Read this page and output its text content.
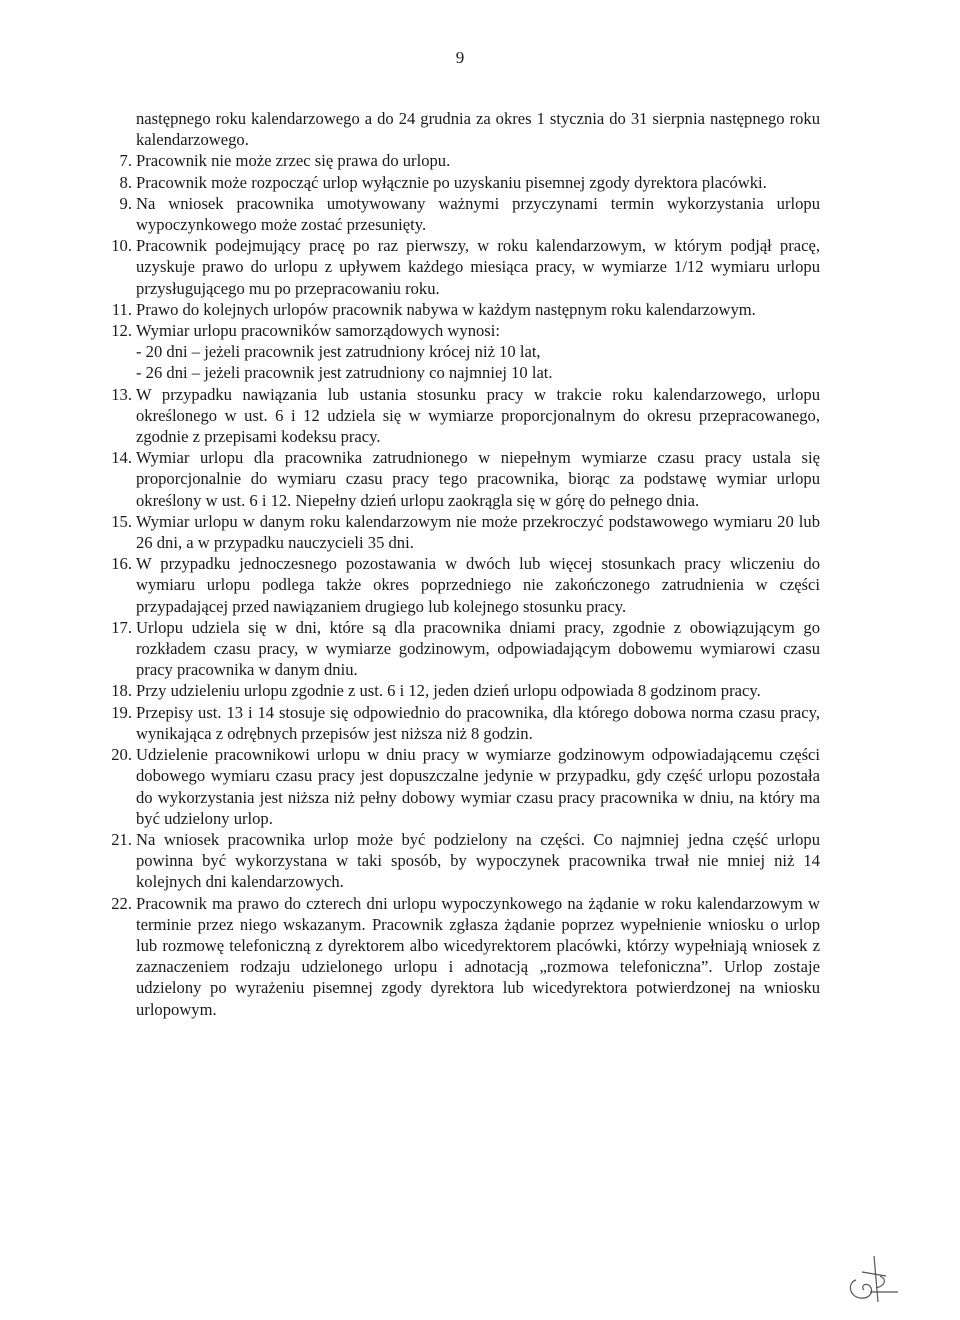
9
następnego roku kalendarzowego a do 24 grudnia za okres 1 stycznia do 31 sierpnia następnego roku kalendarzowego.
7. Pracownik nie może zrzec się prawa do urlopu.
8. Pracownik może rozpocząć urlop wyłącznie po uzyskaniu pisemnej zgody dyrektora placówki.
9. Na wniosek pracownika umotywowany ważnymi przyczynami termin wykorzystania urlopu wypoczynkowego może zostać przesunięty.
10. Pracownik podejmujący pracę po raz pierwszy, w roku kalendarzowym, w którym podjął pracę, uzyskuje prawo do urlopu z upływem każdego miesiąca pracy, w wymiarze 1/12 wymiaru urlopu przysługującego mu po przepracowaniu roku.
11. Prawo do kolejnych urlopów pracownik nabywa w każdym następnym roku kalendarzowym.
12. Wymiar urlopu pracowników samorządowych wynosi:
- 20 dni – jeżeli pracownik jest zatrudniony krócej niż 10 lat,
- 26 dni – jeżeli pracownik jest zatrudniony co najmniej 10 lat.
13. W przypadku nawiązania lub ustania stosunku pracy w trakcie roku kalendarzowego, urlopu określonego w ust. 6 i 12 udziela się w wymiarze proporcjonalnym do okresu przepracowanego, zgodnie z przepisami kodeksu pracy.
14. Wymiar urlopu dla pracownika zatrudnionego w niepełnym wymiarze czasu pracy ustala się proporcjonalnie do wymiaru czasu pracy tego pracownika, biorąc za podstawę wymiar urlopu określony w ust. 6 i 12. Niepełny dzień urlopu zaokrągla się w górę do pełnego dnia.
15. Wymiar urlopu w danym roku kalendarzowym nie może przekroczyć podstawowego wymiaru 20 lub 26 dni, a w przypadku nauczycieli 35 dni.
16. W przypadku jednoczesnego pozostawania w dwóch lub więcej stosunkach pracy wliczeniu do wymiaru urlopu podlega także okres poprzedniego nie zakończonego zatrudnienia w części przypadającej przed nawiązaniem drugiego lub kolejnego stosunku pracy.
17. Urlopu udziela się w dni, które są dla pracownika dniami pracy, zgodnie z obowiązującym go rozkładem czasu pracy, w wymiarze godzinowym, odpowiadającym dobowemu wymiarowi czasu pracy pracownika w danym dniu.
18. Przy udzieleniu urlopu zgodnie z ust. 6 i 12, jeden dzień urlopu odpowiada 8 godzinom pracy.
19. Przepisy ust. 13 i 14 stosuje się odpowiednio do pracownika, dla którego dobowa norma czasu pracy, wynikająca z odrębnych przepisów jest niższa niż 8 godzin.
20. Udzielenie pracownikowi urlopu w dniu pracy w wymiarze godzinowym odpowiadającemu części dobowego wymiaru czasu pracy jest dopuszczalne jedynie w przypadku, gdy część urlopu pozostała do wykorzystania jest niższa niż pełny dobowy wymiar czasu pracy pracownika w dniu, na który ma być udzielony urlop.
21. Na wniosek pracownika urlop może być podzielony na części. Co najmniej jedna część urlopu powinna być wykorzystana w taki sposób, by wypoczynek pracownika trwał nie mniej niż 14 kolejnych dni kalendarzowych.
22. Pracownik ma prawo do czterech dni urlopu wypoczynkowego na żądanie w roku kalendarzowym w terminie przez niego wskazanym. Pracownik zgłasza żądanie poprzez wypełnienie wniosku o urlop lub rozmowę telefoniczną z dyrektorem albo wicedyrektorem placówki, którzy wypełniają wniosek z zaznaczeniem rodzaju udzielonego urlopu i adnotacją „rozmowa telefoniczna”. Urlop zostaje udzielony po wyrażeniu pisemnej zgody dyrektora lub wicedyrektora potwierdzonej na wniosku urlopowym.
